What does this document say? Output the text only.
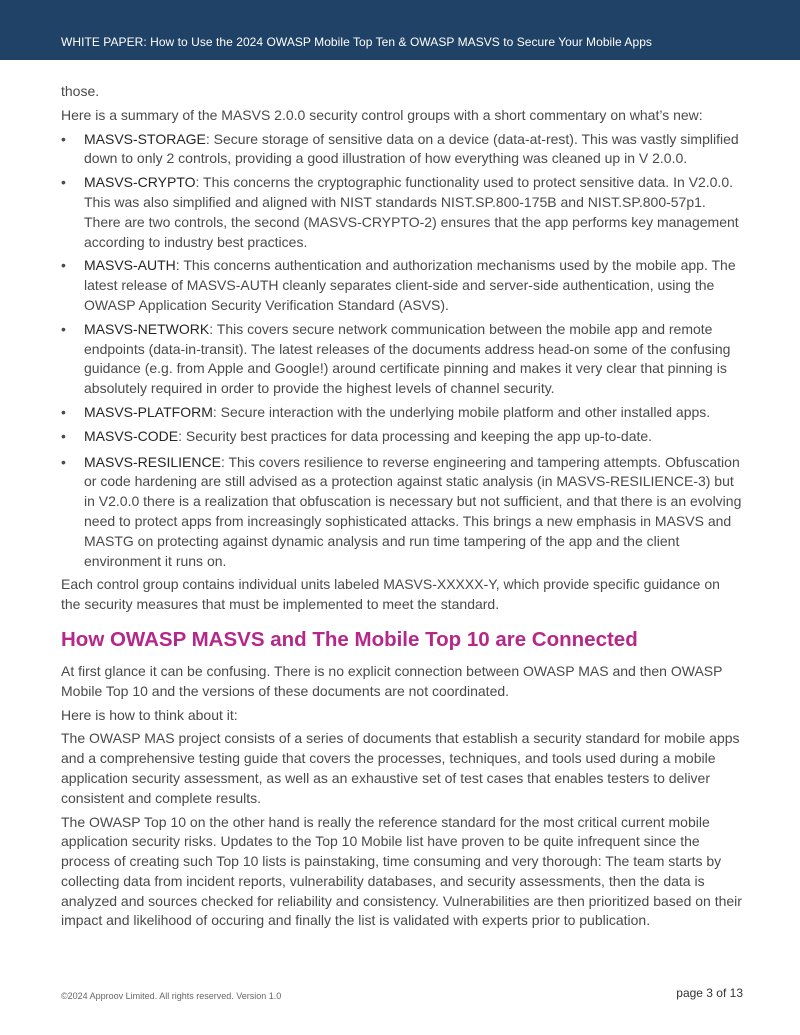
WHITE PAPER: How to Use the 2024 OWASP Mobile Top Ten & OWASP MASVS to Secure Your Mobile Apps

those.

Here is a summary of the MASVS 2.0.0 security control groups with a short commentary on what’s new:

• MASVS-STORAGE: Secure storage of sensitive data on a device (data-at-rest). This was vastly simplified down to only 2 controls, providing a good illustration of how everything was cleaned up in V 2.0.0.
• MASVS-CRYPTO: This concerns the cryptographic functionality used to protect sensitive data. In V2.0.0. This was also simplified and aligned with NIST standards NIST.SP.800-175B and NIST.SP.800-57p1. There are two controls, the second (MASVS-CRYPTO-2) ensures that the app performs key management according to industry best practices.
• MASVS-AUTH: This concerns authentication and authorization mechanisms used by the mobile app. The latest release of MASVS-AUTH cleanly separates client-side and server-side authentication, using the OWASP Application Security Verification Standard (ASVS).
• MASVS-NETWORK: This covers secure network communication between the mobile app and remote endpoints (data-in-transit). The latest releases of the documents address head-on some of the confusing guidance (e.g. from Apple and Google!) around certificate pinning and makes it very clear that pinning is absolutely required in order to provide the highest levels of channel security.
• MASVS-PLATFORM: Secure interaction with the underlying mobile platform and other installed apps.
• MASVS-CODE: Security best practices for data processing and keeping the app up-to-date.
• MASVS-RESILIENCE: This covers resilience to reverse engineering and tampering attempts. Obfuscation or code hardening are still advised as a protection against static analysis (in MASVS-RESILIENCE-3) but in V2.0.0 there is a realization that obfuscation is necessary but not sufficient, and that there is an evolving need to protect apps from increasingly sophisticated attacks. This brings a new emphasis in MASVS and MASTG on protecting against dynamic analysis and run time tampering of the app and the client environment it runs on.

Each control group contains individual units labeled MASVS-XXXXX-Y, which provide specific guidance on the security measures that must be implemented to meet the standard.

How OWASP MASVS and The Mobile Top 10 are Connected

At first glance it can be confusing. There is no explicit connection between OWASP MAS and then OWASP Mobile Top 10 and the versions of these documents are not coordinated.

Here is how to think about it:

The OWASP MAS project consists of a series of documents that establish a security standard for mobile apps and a comprehensive testing guide that covers the processes, techniques, and tools used during a mobile application security assessment, as well as an exhaustive set of test cases that enables testers to deliver consistent and complete results.

The OWASP Top 10 on the other hand is really the reference standard for the most critical current mobile application security risks. Updates to the Top 10 Mobile list have proven to be quite infrequent since the process of creating such Top 10 lists is painstaking, time consuming and very thorough: The team starts by collecting data from incident reports, vulnerability databases, and security assessments, then the data is analyzed and sources checked for reliability and consistency. Vulnerabilities are then prioritized based on their impact and likelihood of occuring and finally the list is validated with experts prior to publication.

©2024 Approov Limited. All rights reserved. Version 1.0	page 3 of 13
